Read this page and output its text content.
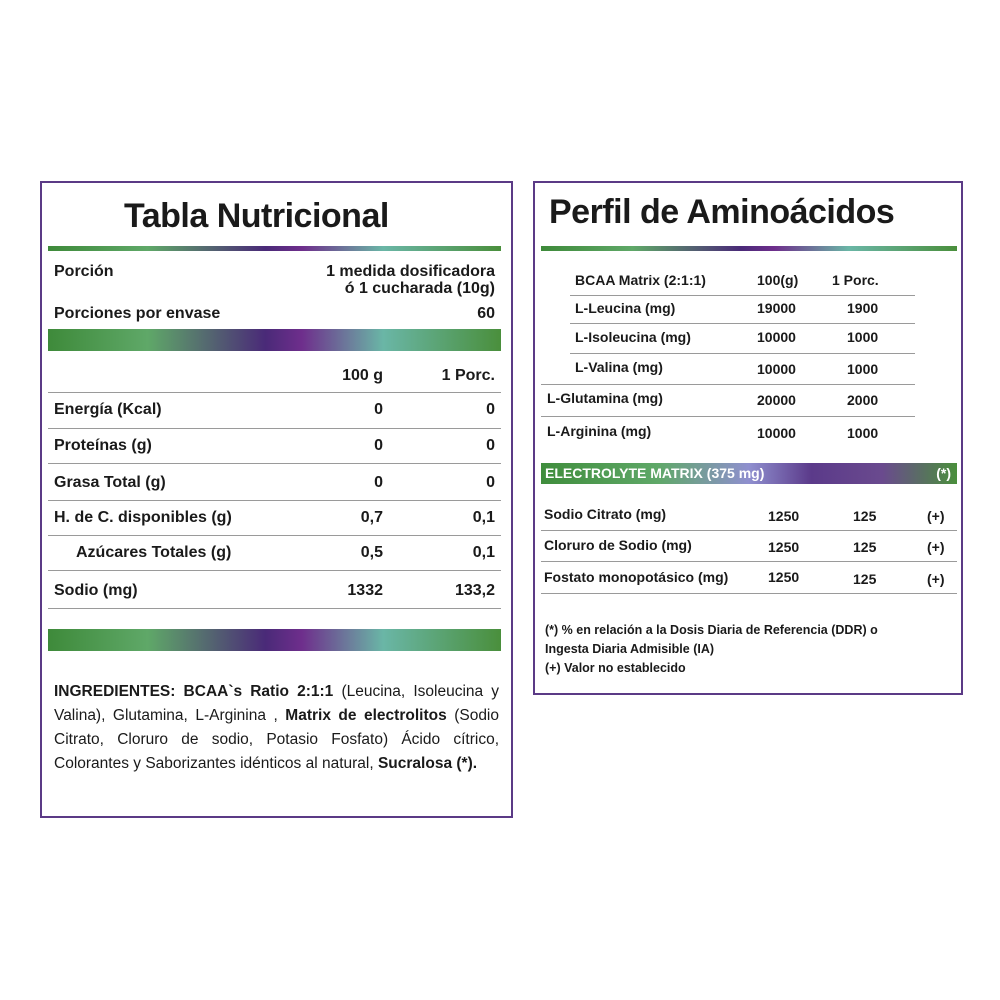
Tabla Nutricional
Porción	1 medida dosificadora
ó 1 cucharada (10g)
Porciones por envase	60
100 g	1 Porc.
Energía (Kcal)	0	0
Proteínas (g)	0	0
Grasa Total (g)	0	0
H. de C. disponibles (g)	0,7	0,1
Azúcares Totales (g)	0,5	0,1
Sodio (mg)	1332	133,2
INGREDIENTES: BCAA`s Ratio 2:1:1 (Leucina, Isoleucina y Valina), Glutamina, L-Arginina , Matrix de electrolitos (Sodio Citrato, Cloruro de sodio, Potasio Fosfato) Ácido cítrico, Colorantes y Saborizantes idénticos al natural, Sucralosa (*).
Perfil de Aminoácidos
BCAA Matrix (2:1:1)	100(g) 1 Porc.
L-Leucina (mg)	19000	1900
L-Isoleucina (mg)	10000	1000
L-Valina (mg)	10000	1000
L-Glutamina (mg)	20000	2000
L-Arginina (mg)	10000	1000
ELECTROLYTE MATRIX (375 mg)	(*)
Sodio Citrato (mg)	1250	125	(+)
Cloruro de Sodio (mg)	1250	125	(+)
Fostato monopotásico (mg)	1250	125	(+)
(*) % en relación a la Dosis Diaria de Referencia (DDR) o
Ingesta Diaria Admisible (IA)
(+) Valor no establecido
